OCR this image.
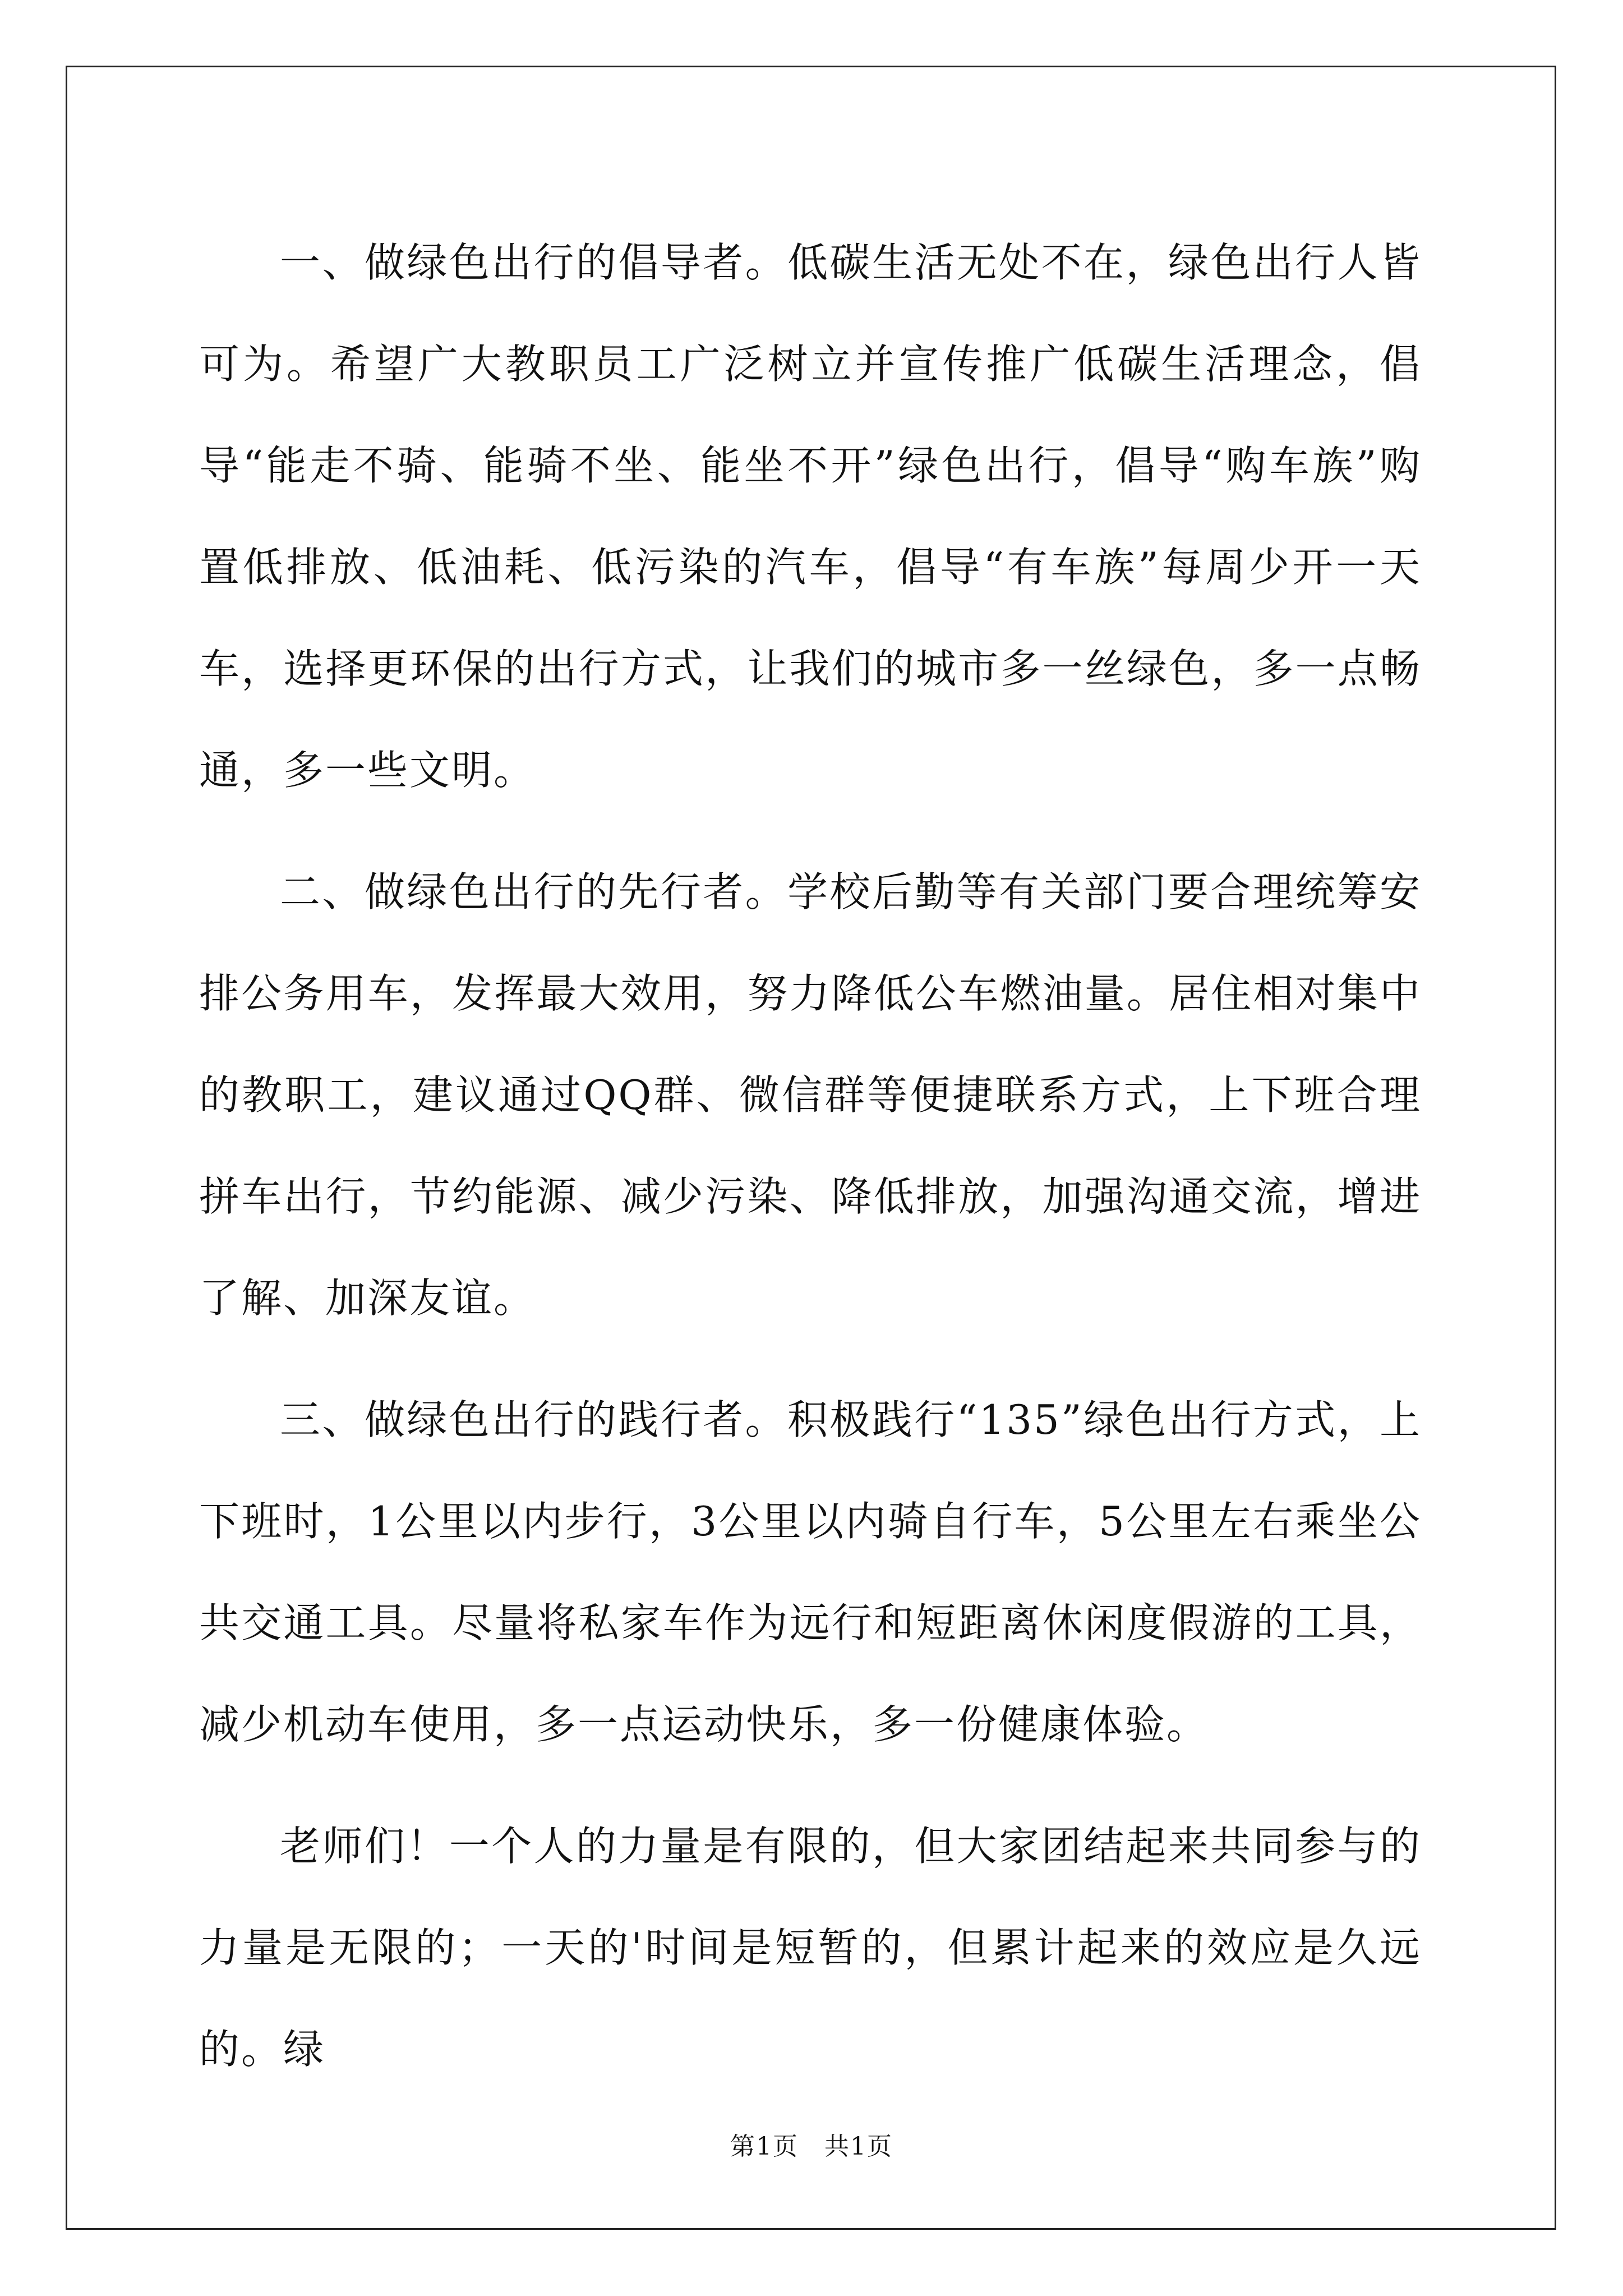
一、做绿色出行的倡导者。低碳生活无处不在，绿色出行人皆可为。希望广大教职员工广泛树立并宣传推广低碳生活理念，倡导“能走不骑、能骑不坐、能坐不开”绿色出行，倡导“购车族”购置低排放、低油耗、低污染的汽车，倡导“有车族”每周少开一天车，选择更环保的出行方式，让我们的城市多一丝绿色，多一点畅通，多一些文明。

二、做绿色出行的先行者。学校后勤等有关部门要合理统筹安排公务用车，发挥最大效用，努力降低公车燃油量。居住相对集中的教职工，建议通过QQ群、微信群等便捷联系方式，上下班合理拼车出行，节约能源、减少污染、降低排放，加强沟通交流，增进了解、加深友谊。

三、做绿色出行的践行者。积极践行“135”绿色出行方式，上下班时，1公里以内步行，3公里以内骑自行车，5公里左右乘坐公共交通工具。尽量将私家车作为远行和短距离休闲度假游的工具，减少机动车使用，多一点运动快乐，多一份健康体验。

老师们！一个人的力量是有限的，但大家团结起来共同参与的力量是无限的；一天的'时间是短暂的，但累计起来的效应是久远的。绿

第1页　共1页
